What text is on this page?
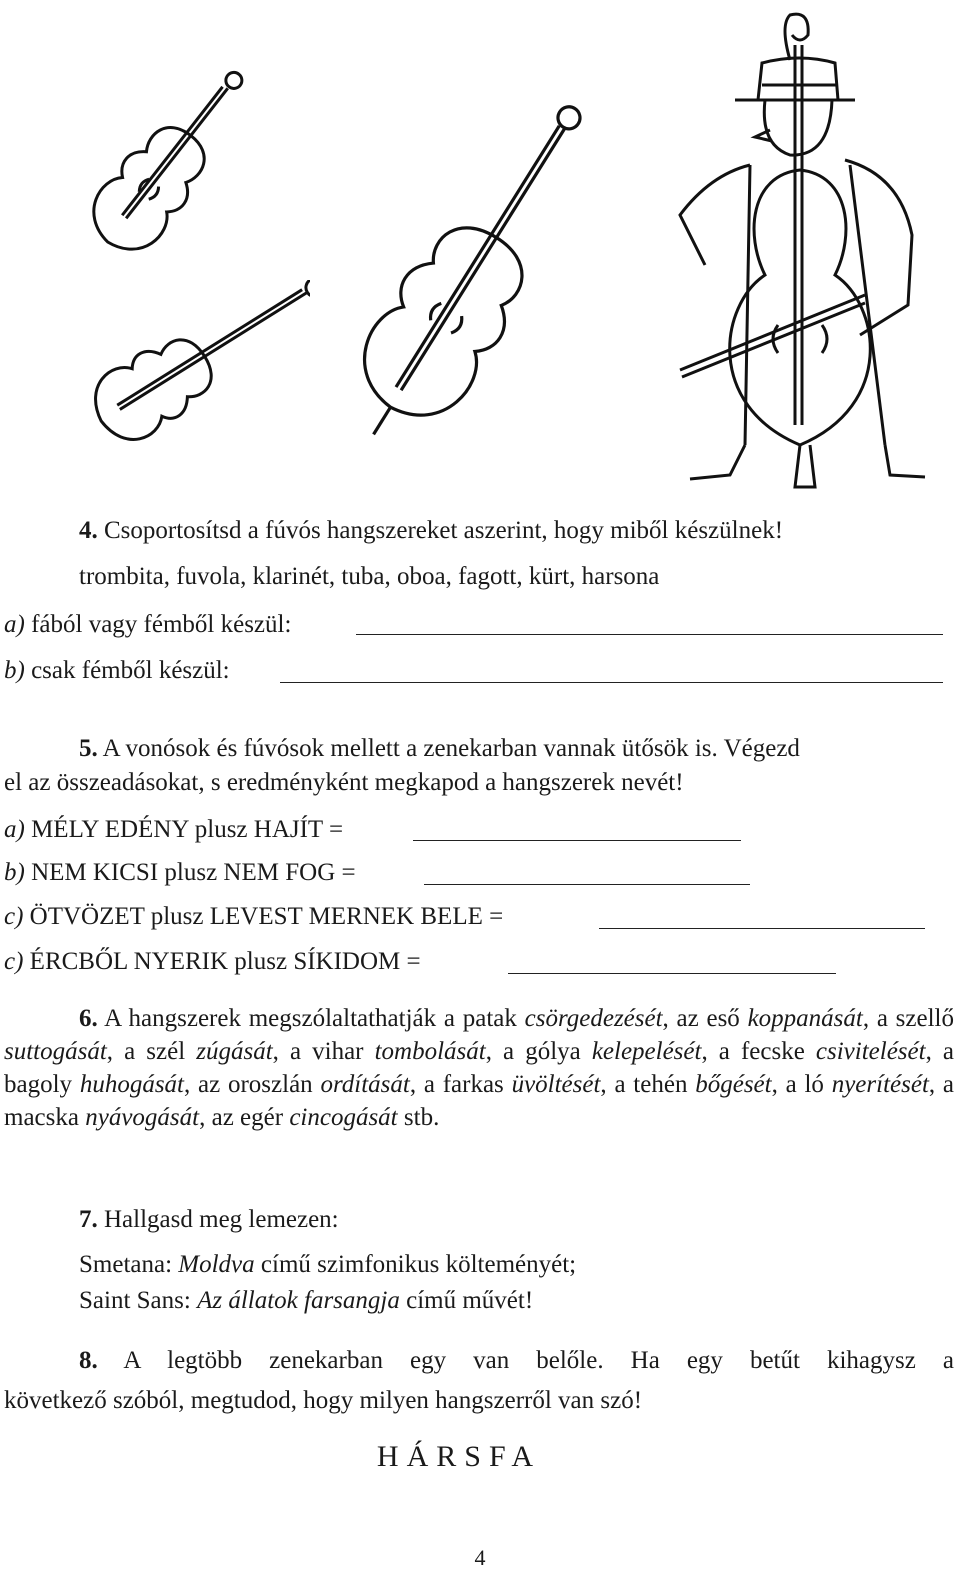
4. Csoportosítsd a fúvós hangszereket aszerint, hogy miből készülnek!
trombita, fuvola, klarinét, tuba, oboa, fagott, kürt, harsona
a) fából vagy fémből készül:
b) csak fémből készül:
5. A vonósok és fúvósok mellett a zenekarban vannak ütősök is. Végezd
el az összeadásokat, s eredményként megkapod a hangszerek nevét!
a) MÉLY EDÉNY plusz HAJÍT =
b) NEM KICSI plusz NEM FOG =
c) ÖTVÖZET plusz LEVEST MERNEK BELE =
c) ÉRCBŐL NYERIK plusz SÍKIDOM =
6. A hangszerek megszólaltathatják a patak csörgedezését, az eső koppanását, a szellő suttogását, a szél zúgását, a vihar tombolását, a gólya kelepelését, a fecske csivitelését, a bagoly huhogását, az oroszlán ordítását, a farkas üvöltését, a tehén bőgését, a ló nyerítését, a macska nyávogását, az egér cincogását stb.
7. Hallgasd meg lemezen:
Smetana: Moldva című szimfonikus költeményét;
Saint Sans: Az állatok farsangja című művét!
8. A legtöbb zenekarban egy van belőle. Ha egy betűt kihagysz a
következő szóból, megtudod, hogy milyen hangszerről van szó!
HÁRSFA
4
